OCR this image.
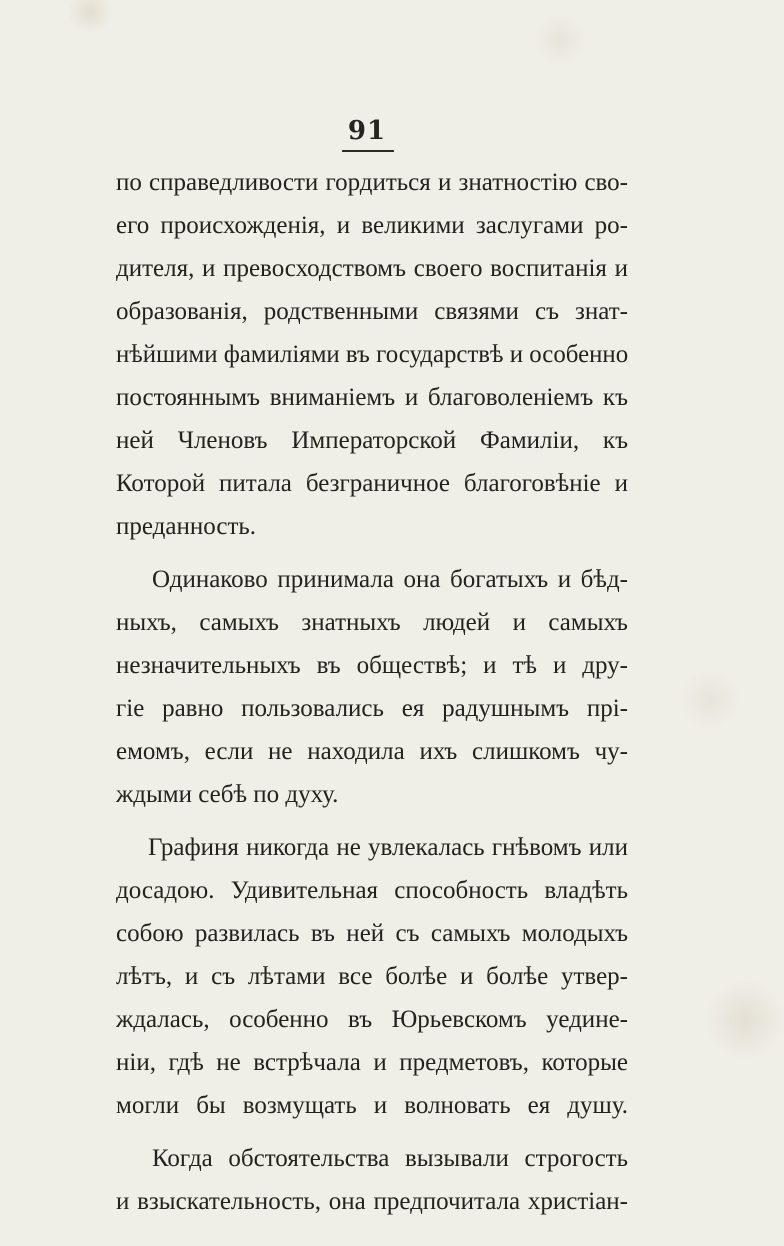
91
по справедливости гордиться и знатностію сво-
его происхожденія, и великими заслугами ро-
дителя, и превосходствомъ своего воспитанія и
образованія, родственными связями съ знат-
нѣйшими фамиліями въ государствѣ и особенно
постояннымъ вниманіемъ и благоволеніемъ къ
ней Членовъ Императорской Фамиліи, къ
Которой питала безграничное благоговѣніе и
преданность.
Одинаково принимала она богатыхъ и бѣд-
ныхъ, самыхъ знатныхъ людей и самыхъ
незначительныхъ въ обществѣ; и тѣ и дру-
гіе равно пользовались ея радушнымъ прі-
емомъ, если не находила ихъ слишкомъ чу-
ждыми себѣ по духу.
Графиня никогда не увлекалась гнѣвомъ или
досадою. Удивительная способность владѣть
собою развилась въ ней съ самыхъ молодыхъ
лѣтъ, и съ лѣтами все болѣе и болѣе утвер-
ждалась, особенно въ Юрьевскомъ уедине-
ніи, гдѣ не встрѣчала и предметовъ, которые
могли бы возмущать и волновать ея душу.
Когда обстоятельства вызывали строгость
и взыскательность, она предпочитала христіан-
